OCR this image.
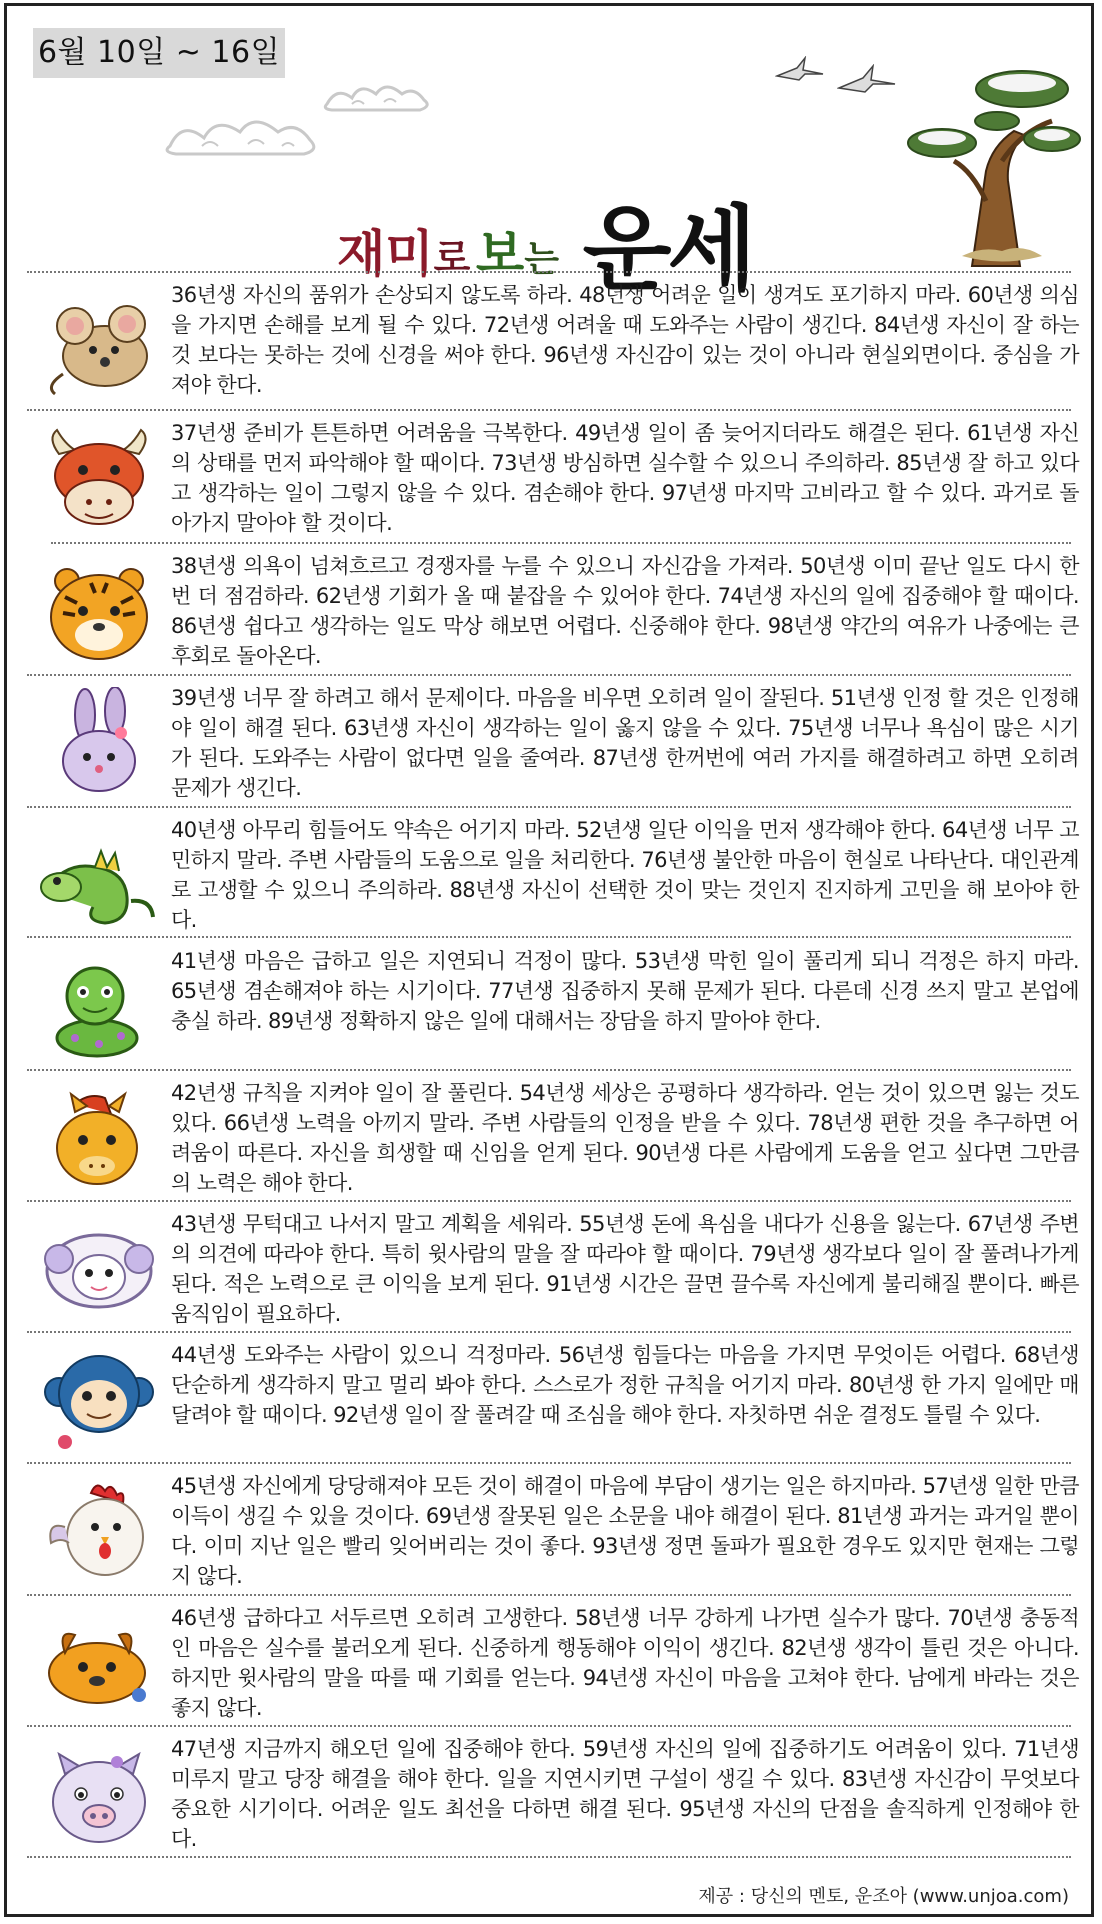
6월 10일 ~ 16일
재미로 보는 운세
36년생 자신의 품위가 손상되지 않도록 하라. 48년생 어려운 일이 생겨도 포기하지 마라. 60년생 의심을 가지면 손해를 보게 될 수 있다. 72년생 어려울 때 도와주는 사람이 생긴다. 84년생 자신이 잘 하는 것 보다는 못하는 것에 신경을 써야 한다. 96년생 자신감이 있는 것이 아니라 현실외면이다. 중심을 가져야 한다.
37년생 준비가 튼튼하면 어려움을 극복한다. 49년생 일이 좀 늦어지더라도 해결은 된다. 61년생 자신의 상태를 먼저 파악해야 할 때이다. 73년생 방심하면 실수할 수 있으니 주의하라. 85년생 잘 하고 있다고 생각하는 일이 그렇지 않을 수 있다. 겸손해야 한다. 97년생 마지막 고비라고 할 수 있다. 과거로 돌아가지 말아야 할 것이다.
38년생 의욕이 넘쳐흐르고 경쟁자를 누를 수 있으니 자신감을 가져라. 50년생 이미 끝난 일도 다시 한 번 더 점검하라. 62년생 기회가 올 때 붙잡을 수 있어야 한다. 74년생 자신의 일에 집중해야 할 때이다. 86년생 쉽다고 생각하는 일도 막상 해보면 어렵다. 신중해야 한다. 98년생 약간의 여유가 나중에는 큰 후회로 돌아온다.
39년생 너무 잘 하려고 해서 문제이다. 마음을 비우면 오히려 일이 잘된다. 51년생 인정 할 것은 인정해야 일이 해결 된다. 63년생 자신이 생각하는 일이 옳지 않을 수 있다. 75년생 너무나 욕심이 많은 시기가 된다. 도와주는 사람이 없다면 일을 줄여라. 87년생 한꺼번에 여러 가지를 해결하려고 하면 오히려 문제가 생긴다.
40년생 아무리 힘들어도 약속은 어기지 마라. 52년생 일단 이익을 먼저 생각해야 한다. 64년생 너무 고민하지 말라. 주변 사람들의 도움으로 일을 처리한다. 76년생 불안한 마음이 현실로 나타난다. 대인관계로 고생할 수 있으니 주의하라. 88년생 자신이 선택한 것이 맞는 것인지 진지하게 고민을 해 보아야 한다.
41년생 마음은 급하고 일은 지연되니 걱정이 많다. 53년생 막힌 일이 풀리게 되니 걱정은 하지 마라. 65년생 겸손해져야 하는 시기이다. 77년생 집중하지 못해 문제가 된다. 다른데 신경 쓰지 말고 본업에 충실 하라. 89년생 정확하지 않은 일에 대해서는 장담을 하지 말아야 한다.
42년생 규칙을 지켜야 일이 잘 풀린다. 54년생 세상은 공평하다 생각하라. 얻는 것이 있으면 잃는 것도 있다. 66년생 노력을 아끼지 말라. 주변 사람들의 인정을 받을 수 있다. 78년생 편한 것을 추구하면 어려움이 따른다. 자신을 희생할 때 신임을 얻게 된다. 90년생 다른 사람에게 도움을 얻고 싶다면 그만큼의 노력은 해야 한다.
43년생 무턱대고 나서지 말고 계획을 세워라. 55년생 돈에 욕심을 내다가 신용을 잃는다. 67년생 주변의 의견에 따라야 한다. 특히 윗사람의 말을 잘 따라야 할 때이다. 79년생 생각보다 일이 잘 풀려나가게 된다. 적은 노력으로 큰 이익을 보게 된다. 91년생 시간은 끌면 끌수록 자신에게 불리해질 뿐이다. 빠른 움직임이 필요하다.
44년생 도와주는 사람이 있으니 걱정마라. 56년생 힘들다는 마음을 가지면 무엇이든 어렵다. 68년생 단순하게 생각하지 말고 멀리 봐야 한다. 스스로가 정한 규칙을 어기지 마라. 80년생 한 가지 일에만 매달려야 할 때이다. 92년생 일이 잘 풀려갈 때 조심을 해야 한다. 자칫하면 쉬운 결정도 틀릴 수 있다.
45년생 자신에게 당당해져야 모든 것이 해결이 마음에 부담이 생기는 일은 하지마라. 57년생 일한 만큼 이득이 생길 수 있을 것이다. 69년생 잘못된 일은 소문을 내야 해결이 된다. 81년생 과거는 과거일 뿐이다. 이미 지난 일은 빨리 잊어버리는 것이 좋다. 93년생 정면 돌파가 필요한 경우도 있지만 현재는 그렇지 않다.
46년생 급하다고 서두르면 오히려 고생한다. 58년생 너무 강하게 나가면 실수가 많다. 70년생 충동적인 마음은 실수를 불러오게 된다. 신중하게 행동해야 이익이 생긴다. 82년생 생각이 틀린 것은 아니다. 하지만 윗사람의 말을 따를 때 기회를 얻는다. 94년생 자신이 마음을 고쳐야 한다. 남에게 바라는 것은 좋지 않다.
47년생 지금까지 해오던 일에 집중해야 한다. 59년생 자신의 일에 집중하기도 어려움이 있다. 71년생 미루지 말고 당장 해결을 해야 한다. 일을 지연시키면 구설이 생길 수 있다. 83년생 자신감이 무엇보다 중요한 시기이다. 어려운 일도 최선을 다하면 해결 된다. 95년생 자신의 단점을 솔직하게 인정해야 한다.
제공 : 당신의 멘토, 운조아 (www.unjoa.com)
